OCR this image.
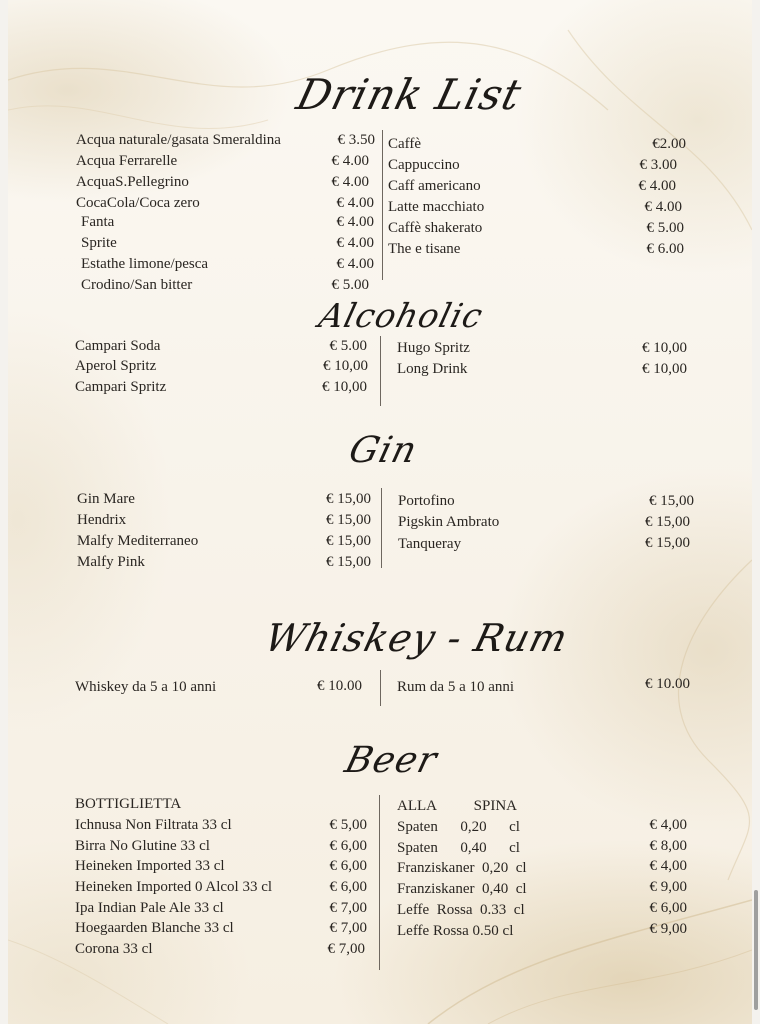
Drink List
Alcoholic
Gin
Whiskey - Rum
Beer
Acqua naturale/gasata Smeraldina	€ 3.50
Acqua Ferrarelle	€ 4.00
AcquaS.Pellegrino	€ 4.00
CocaCola/Coca zero	€ 4.00
Fanta	€ 4.00
Sprite	€ 4.00
Estathe limone/pesca	€ 4.00
Crodino/San bitter	€ 5.00
Caffè	€2.00
Cappuccino	€ 3.00
Caff americano	€ 4.00
Latte macchiato	€ 4.00
Caffè shakerato	€ 5.00
The e tisane	€ 6.00
Campari Soda	€ 5.00
Aperol Spritz	€ 10,00
Campari Spritz	€ 10,00
Hugo Spritz	€ 10,00
Long Drink	€ 10,00
Gin Mare	€ 15,00
Hendrix	€ 15,00
Malfy Mediterraneo	€ 15,00
Malfy Pink	€ 15,00
Portofino	€ 15,00
Pigskin Ambrato	€ 15,00
Tanqueray	€ 15,00
Whiskey da 5 a 10 anni	€ 10.00 Rum da 5 a 10 anni	€ 10.00
BOTTIGLIETTA
Ichnusa Non Filtrata 33 cl	€ 5,00
Birra No Glutine 33 cl	€ 6,00
Heineken Imported 33 cl	€ 6,00
Heineken Imported 0 Alcol 33 cl	€ 6,00
Ipa Indian Pale Ale 33 cl	€ 7,00
Hoegaarden Blanche 33 cl	€ 7,00
Corona 33 cl	€ 7,00
ALLA          SPINA
Spaten      0,20      cl	€ 4,00
Spaten      0,40      cl	€ 8,00
Franziskaner  0,20  cl	€ 4,00
Franziskaner  0,40  cl	€ 9,00
Leffe  Rossa  0.33  cl	€ 6,00
Leffe Rossa 0.50 cl	€ 9,00
